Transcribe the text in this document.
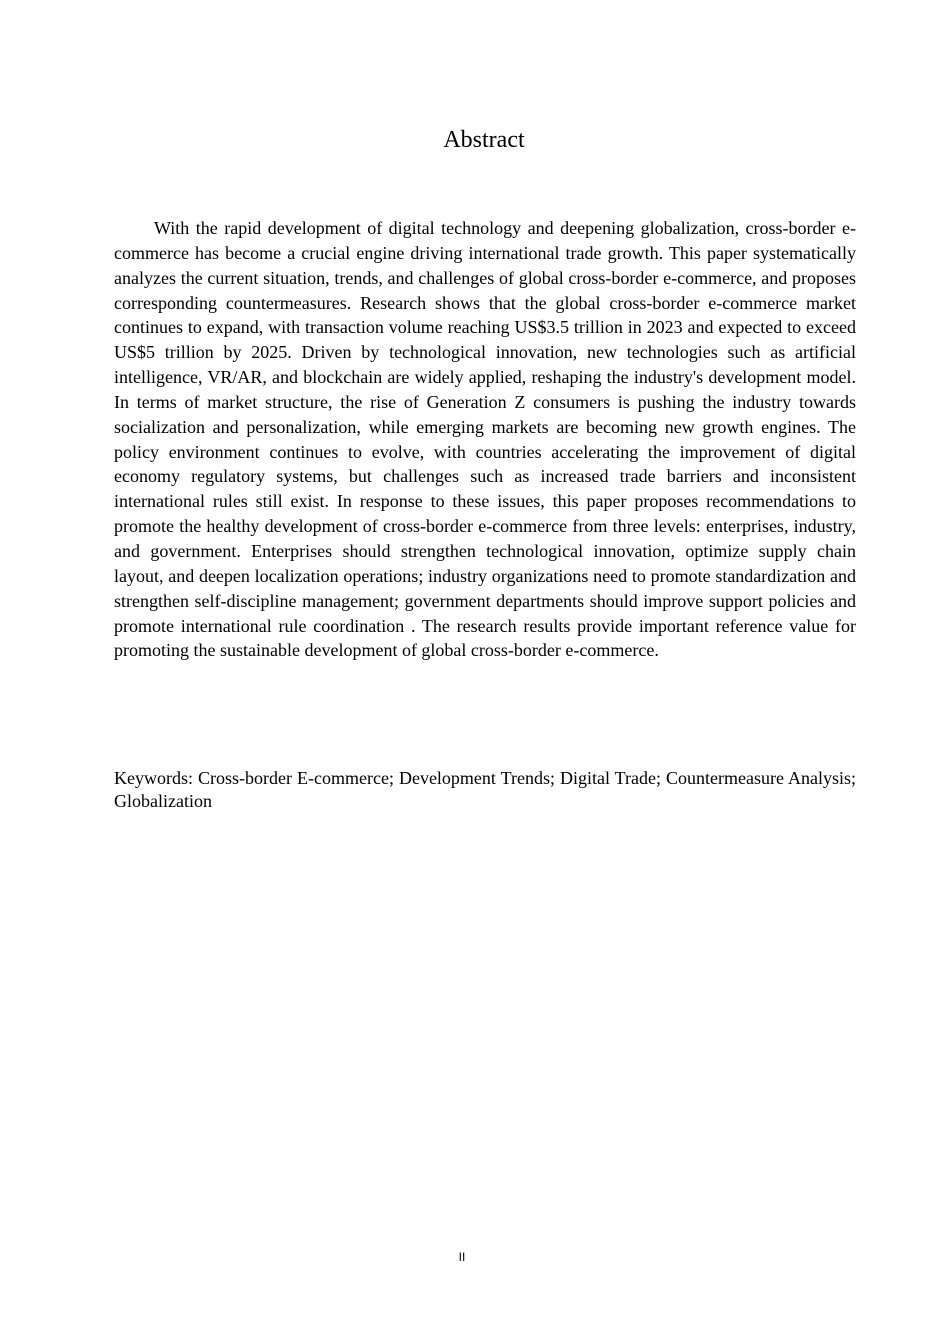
Abstract

With the rapid development of digital technology and deepening globalization, cross-border e-commerce has become a crucial engine driving international trade growth. This paper systematically analyzes the current situation, trends, and challenges of global cross-border e-commerce, and proposes corresponding countermeasures. Research shows that the global cross-border e-commerce market continues to expand, with transaction volume reaching US$3.5 trillion in 2023 and expected to exceed US$5 trillion by 2025. Driven by technological innovation, new technologies such as artificial intelligence, VR/AR, and blockchain are widely applied, reshaping the industry's development model. In terms of market structure, the rise of Generation Z consumers is pushing the industry towards socialization and personalization, while emerging markets are becoming new growth engines. The policy environment continues to evolve, with countries accelerating the improvement of digital economy regulatory systems, but challenges such as increased trade barriers and inconsistent international rules still exist. In response to these issues, this paper proposes recommendations to promote the healthy development of cross-border e-commerce from three levels: enterprises, industry, and government. Enterprises should strengthen technological innovation, optimize supply chain layout, and deepen localization operations; industry organizations need to promote standardization and strengthen self-discipline management; government departments should improve support policies and promote international rule coordination . The research results provide important reference value for promoting the sustainable development of global cross-border e-commerce.

Keywords: Cross-border E-commerce; Development Trends; Digital Trade; Countermeasure Analysis; Globalization

II
